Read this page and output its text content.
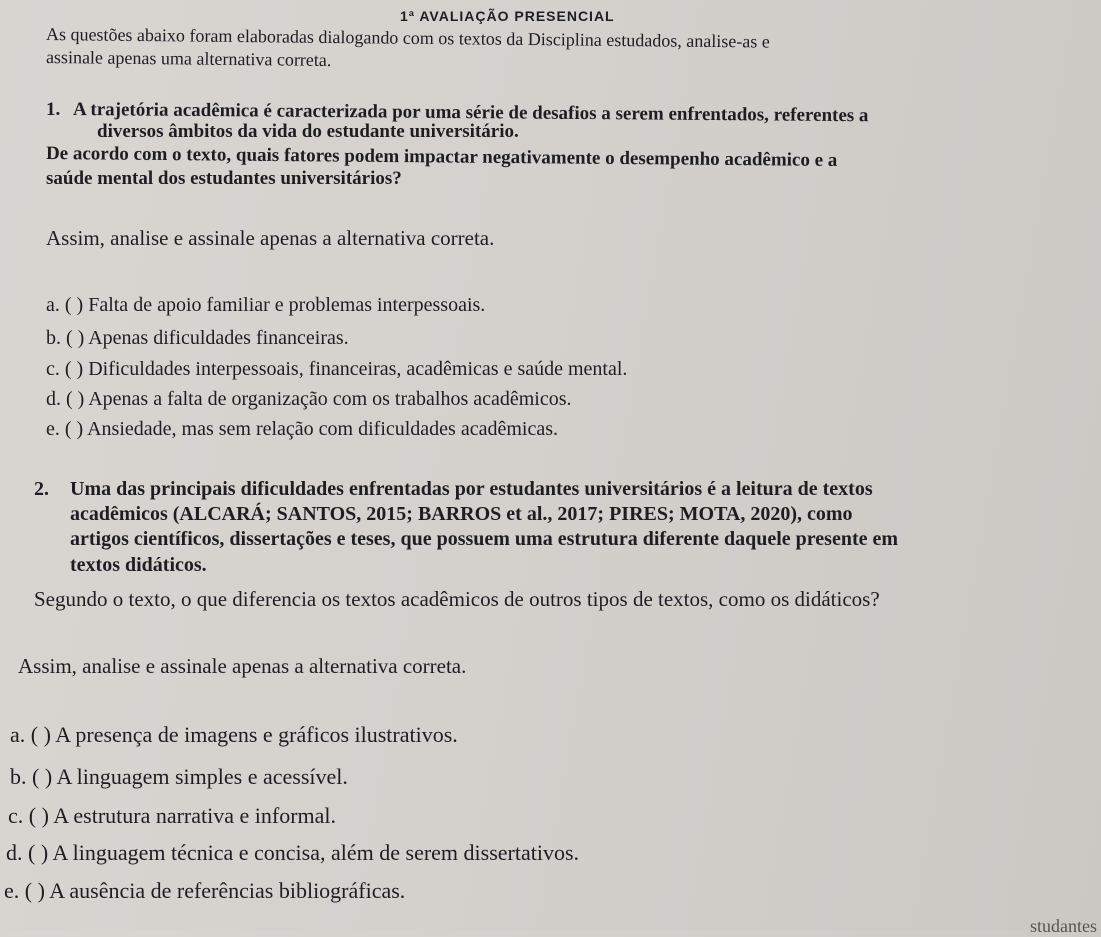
1ª AVALIAÇÃO PRESENCIAL

As questões abaixo foram elaboradas dialogando com os textos da Disciplina estudados, analise-as e

assinale apenas uma alternativa correta.

1. A trajetória acadêmica é caracterizada por uma série de desafios a serem enfrentados, referentes a

diversos âmbitos da vida do estudante universitário.

De acordo com o texto, quais fatores podem impactar negativamente o desempenho acadêmico e a

saúde mental dos estudantes universitários?

Assim, analise e assinale apenas a alternativa correta.

a. ( ) Falta de apoio familiar e problemas interpessoais.

b. ( ) Apenas dificuldades financeiras.

c. ( ) Dificuldades interpessoais, financeiras, acadêmicas e saúde mental.

d. ( ) Apenas a falta de organização com os trabalhos acadêmicos.

e. ( ) Ansiedade, mas sem relação com dificuldades acadêmicas.

2. Uma das principais dificuldades enfrentadas por estudantes universitários é a leitura de textos

acadêmicos (ALCARÁ; SANTOS, 2015; BARROS et al., 2017; PIRES; MOTA, 2020), como

artigos científicos, dissertações e teses, que possuem uma estrutura diferente daquele presente em

textos didáticos.

Segundo o texto, o que diferencia os textos acadêmicos de outros tipos de textos, como os didáticos?

Assim, analise e assinale apenas a alternativa correta.

a. ( ) A presença de imagens e gráficos ilustrativos.

b. ( ) A linguagem simples e acessível.

c. ( ) A estrutura narrativa e informal.

d. ( ) A linguagem técnica e concisa, além de serem dissertativos.

e. ( ) A ausência de referências bibliográficas.

studantes
